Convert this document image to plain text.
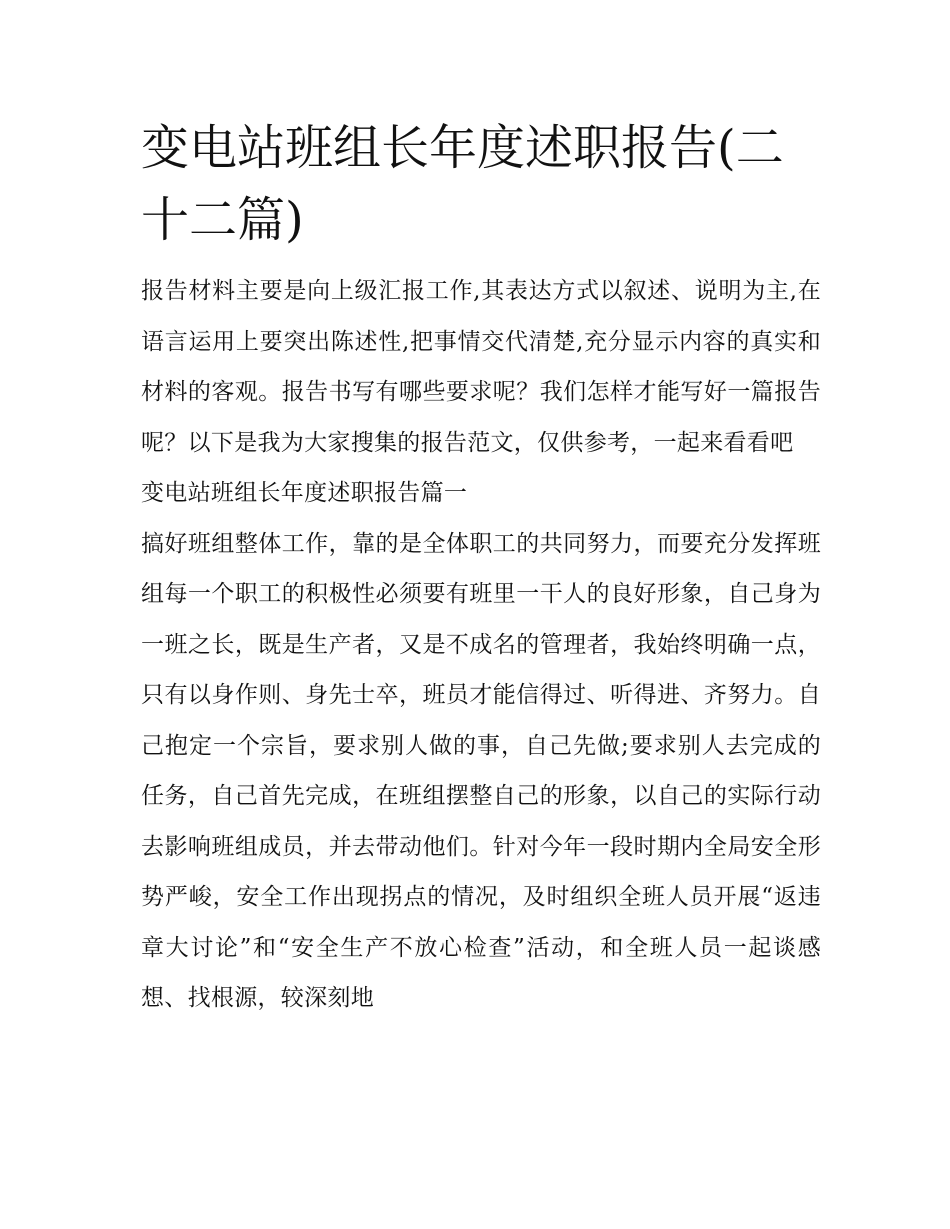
变电站班组长年度述职报告(二十二篇)

报告材料主要是向上级汇报工作,其表达方式以叙述、说明为主,在语言运用上要突出陈述性,把事情交代清楚,充分显示内容的真实和材料的客观。报告书写有哪些要求呢？我们怎样才能写好一篇报告呢？以下是我为大家搜集的报告范文，仅供参考，一起来看看吧

变电站班组长年度述职报告篇一

搞好班组整体工作，靠的是全体职工的共同努力，而要充分发挥班组每一个职工的积极性必须要有班里一干人的良好形象，自己身为一班之长，既是生产者，又是不成名的管理者，我始终明确一点，只有以身作则、身先士卒，班员才能信得过、听得进、齐努力。自己抱定一个宗旨，要求别人做的事，自己先做;要求别人去完成的任务，自己首先完成，在班组摆整自己的形象，以自己的实际行动去影响班组成员，并去带动他们。针对今年一段时期内全局安全形势严峻，安全工作出现拐点的情况，及时组织全班人员开展“返违章大讨论”和“安全生产不放心检查”活动，和全班人员一起谈感想、找根源，较深刻地
